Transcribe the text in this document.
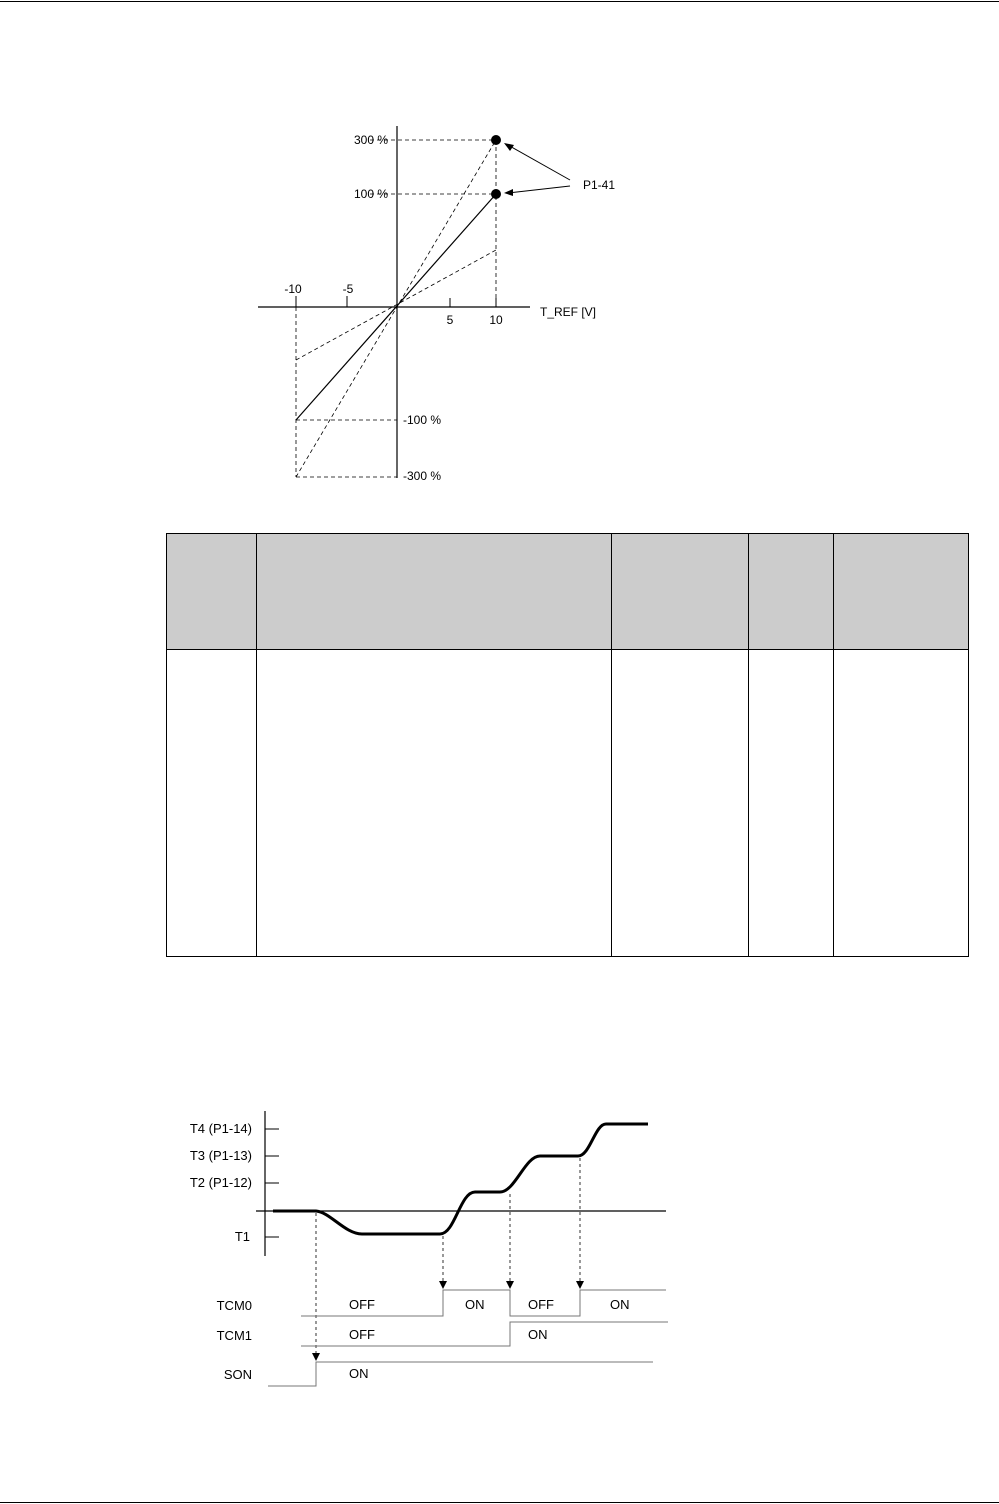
300 %
100 %
-100 %
-300 %
-10	-5
5	10
T_REF [V]
P1-41

T4 (P1-14)
T3 (P1-13)
T2 (P1-12)
T1
TCM0	OFF	ON	OFF	ON
TCM1	OFF	ON
SON	ON
